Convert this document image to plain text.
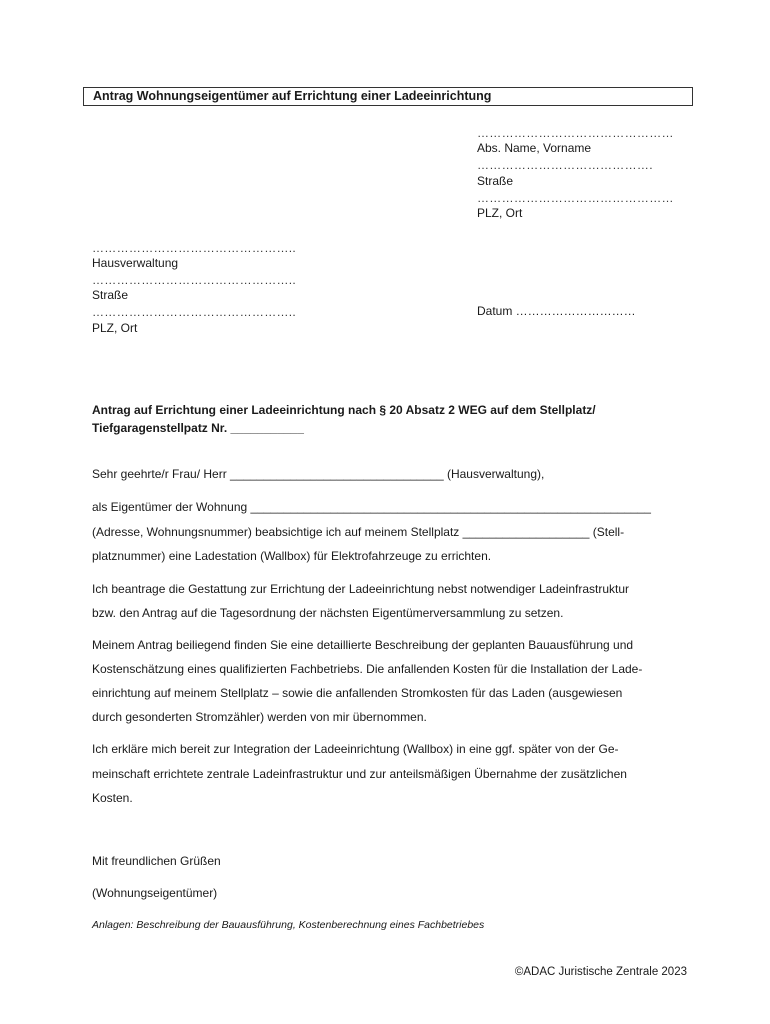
Antrag Wohnungseigentümer auf Errichtung einer Ladeeinrichtung
…………………………………………
Abs. Name, Vorname
…………………………………….
Straße
…………………………………………
PLZ, Ort
…………………………………………..
Hausverwaltung
…………………………………………..
Straße
…………………………………………..
PLZ, Ort
Datum …………………………
Antrag auf Errichtung einer Ladeeinrichtung nach § 20 Absatz 2 WEG auf dem Stellplatz/
Tiefgaragenstellpatz Nr. ___________
Sehr geehrte/r Frau/ Herr ________________________________ (Hausverwaltung),
als Eigentümer der Wohnung ____________________________________________________________
(Adresse, Wohnungsnummer) beabsichtige ich auf meinem Stellplatz ___________________ (Stell-
platznummer) eine Ladestation (Wallbox) für Elektrofahrzeuge zu errichten.
Ich beantrage die Gestattung zur Errichtung der Ladeeinrichtung nebst notwendiger Ladeinfrastruktur
bzw. den Antrag auf die Tagesordnung der nächsten Eigentümerversammlung zu setzen.
Meinem Antrag beiliegend finden Sie eine detaillierte Beschreibung der geplanten Bauausführung und
Kostenschätzung eines qualifizierten Fachbetriebs. Die anfallenden Kosten für die Installation der Lade-
einrichtung auf meinem Stellplatz – sowie die anfallenden Stromkosten für das Laden (ausgewiesen
durch gesonderten Stromzähler) werden von mir übernommen.
Ich erkläre mich bereit zur Integration der Ladeeinrichtung (Wallbox) in eine ggf. später von der Ge-
meinschaft errichtete zentrale Ladeinfrastruktur und zur anteilsmäßigen Übernahme der zusätzlichen
Kosten.
Mit freundlichen Grüßen
(Wohnungseigentümer)
Anlagen: Beschreibung der Bauausführung, Kostenberechnung eines Fachbetriebes
©ADAC Juristische Zentrale 2023
